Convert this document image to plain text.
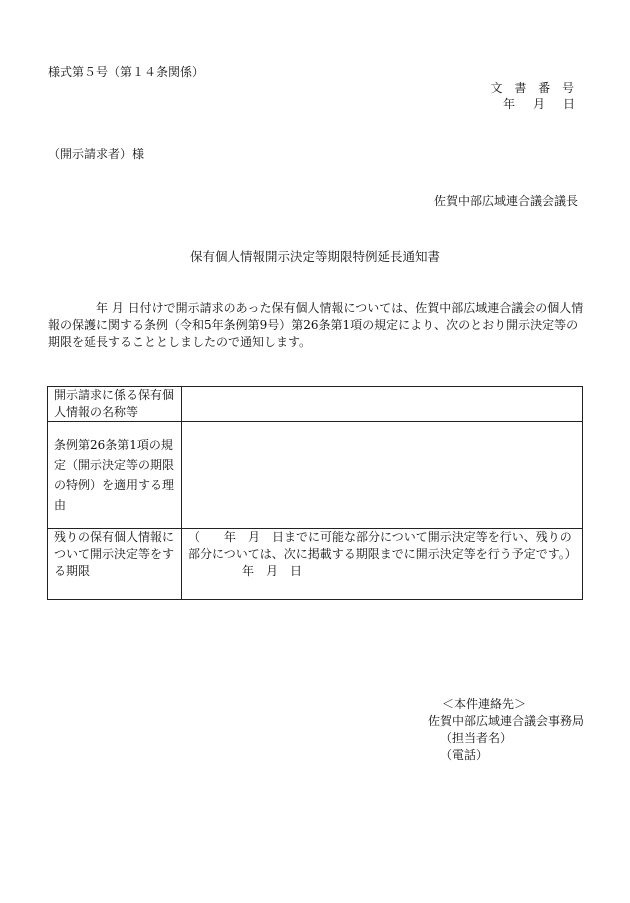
様式第５号（第１４条関係）
文 書 番 号
年　月　日
（開示請求者）様
佐賀中部広域連合議会議長
保有個人情報開示決定等期限特例延長通知書
年 月 日付けで開示請求のあった保有個人情報については、佐賀中部広域連合議会の個人情報の保護に関する条例（令和5年条例第9号）第26条第1項の規定により、次のとおり開示決定等の期限を延長することとしましたので通知します。
開示請求に係る保有個人情報の名称等	
条例第26条第1項の規定（開示決定等の期限の特例）を適用する理由	
残りの保有個人情報について開示決定等をする期限	（　　年　月　日までに可能な部分について開示決定等を行い、残りの部分については、次に掲載する期限までに開示決定等を行う予定です。）
年　月　日
＜本件連絡先＞
佐賀中部広域連合議会事務局
（担当者名）
（電話）
